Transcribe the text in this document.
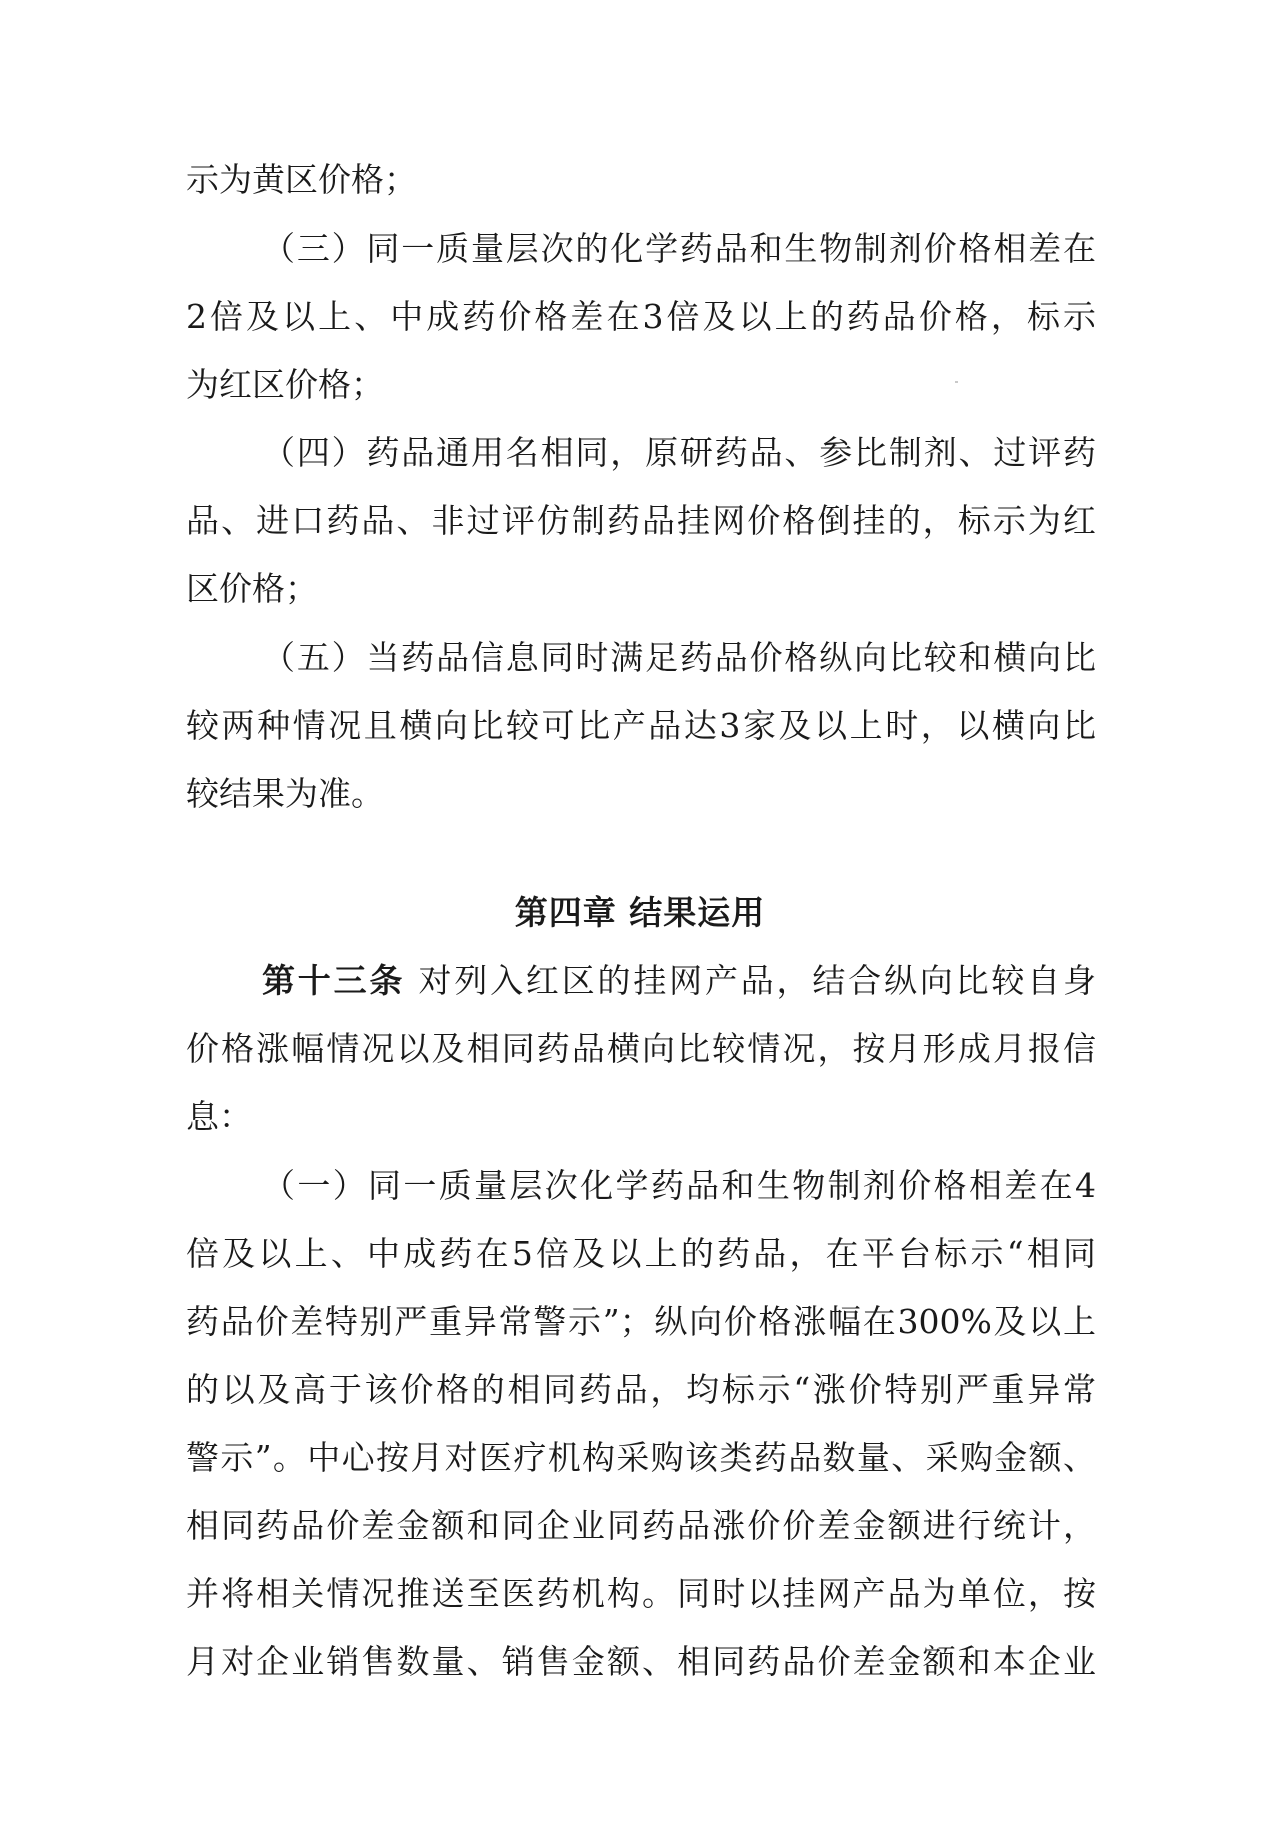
示为黄区价格；
（三）同一质量层次的化学药品和生物制剂价格相差在
2倍及以上、中成药价格差在3倍及以上的药品价格，标示
为红区价格；
（四）药品通用名相同，原研药品、参比制剂、过评药
品、进口药品、非过评仿制药品挂网价格倒挂的，标示为红
区价格；
（五）当药品信息同时满足药品价格纵向比较和横向比
较两种情况且横向比较可比产品达3家及以上时，以横向比
较结果为准。
第四章 结果运用
第十三条 对列入红区的挂网产品，结合纵向比较自身
价格涨幅情况以及相同药品横向比较情况，按月形成月报信
息：
（一）同一质量层次化学药品和生物制剂价格相差在4
倍及以上、中成药在5倍及以上的药品，在平台标示“相同
药品价差特别严重异常警示”；纵向价格涨幅在300%及以上
的以及高于该价格的相同药品，均标示“涨价特别严重异常
警示”。中心按月对医疗机构采购该类药品数量、采购金额、
相同药品价差金额和同企业同药品涨价价差金额进行统计，
并将相关情况推送至医药机构。同时以挂网产品为单位，按
月对企业销售数量、销售金额、相同药品价差金额和本企业
